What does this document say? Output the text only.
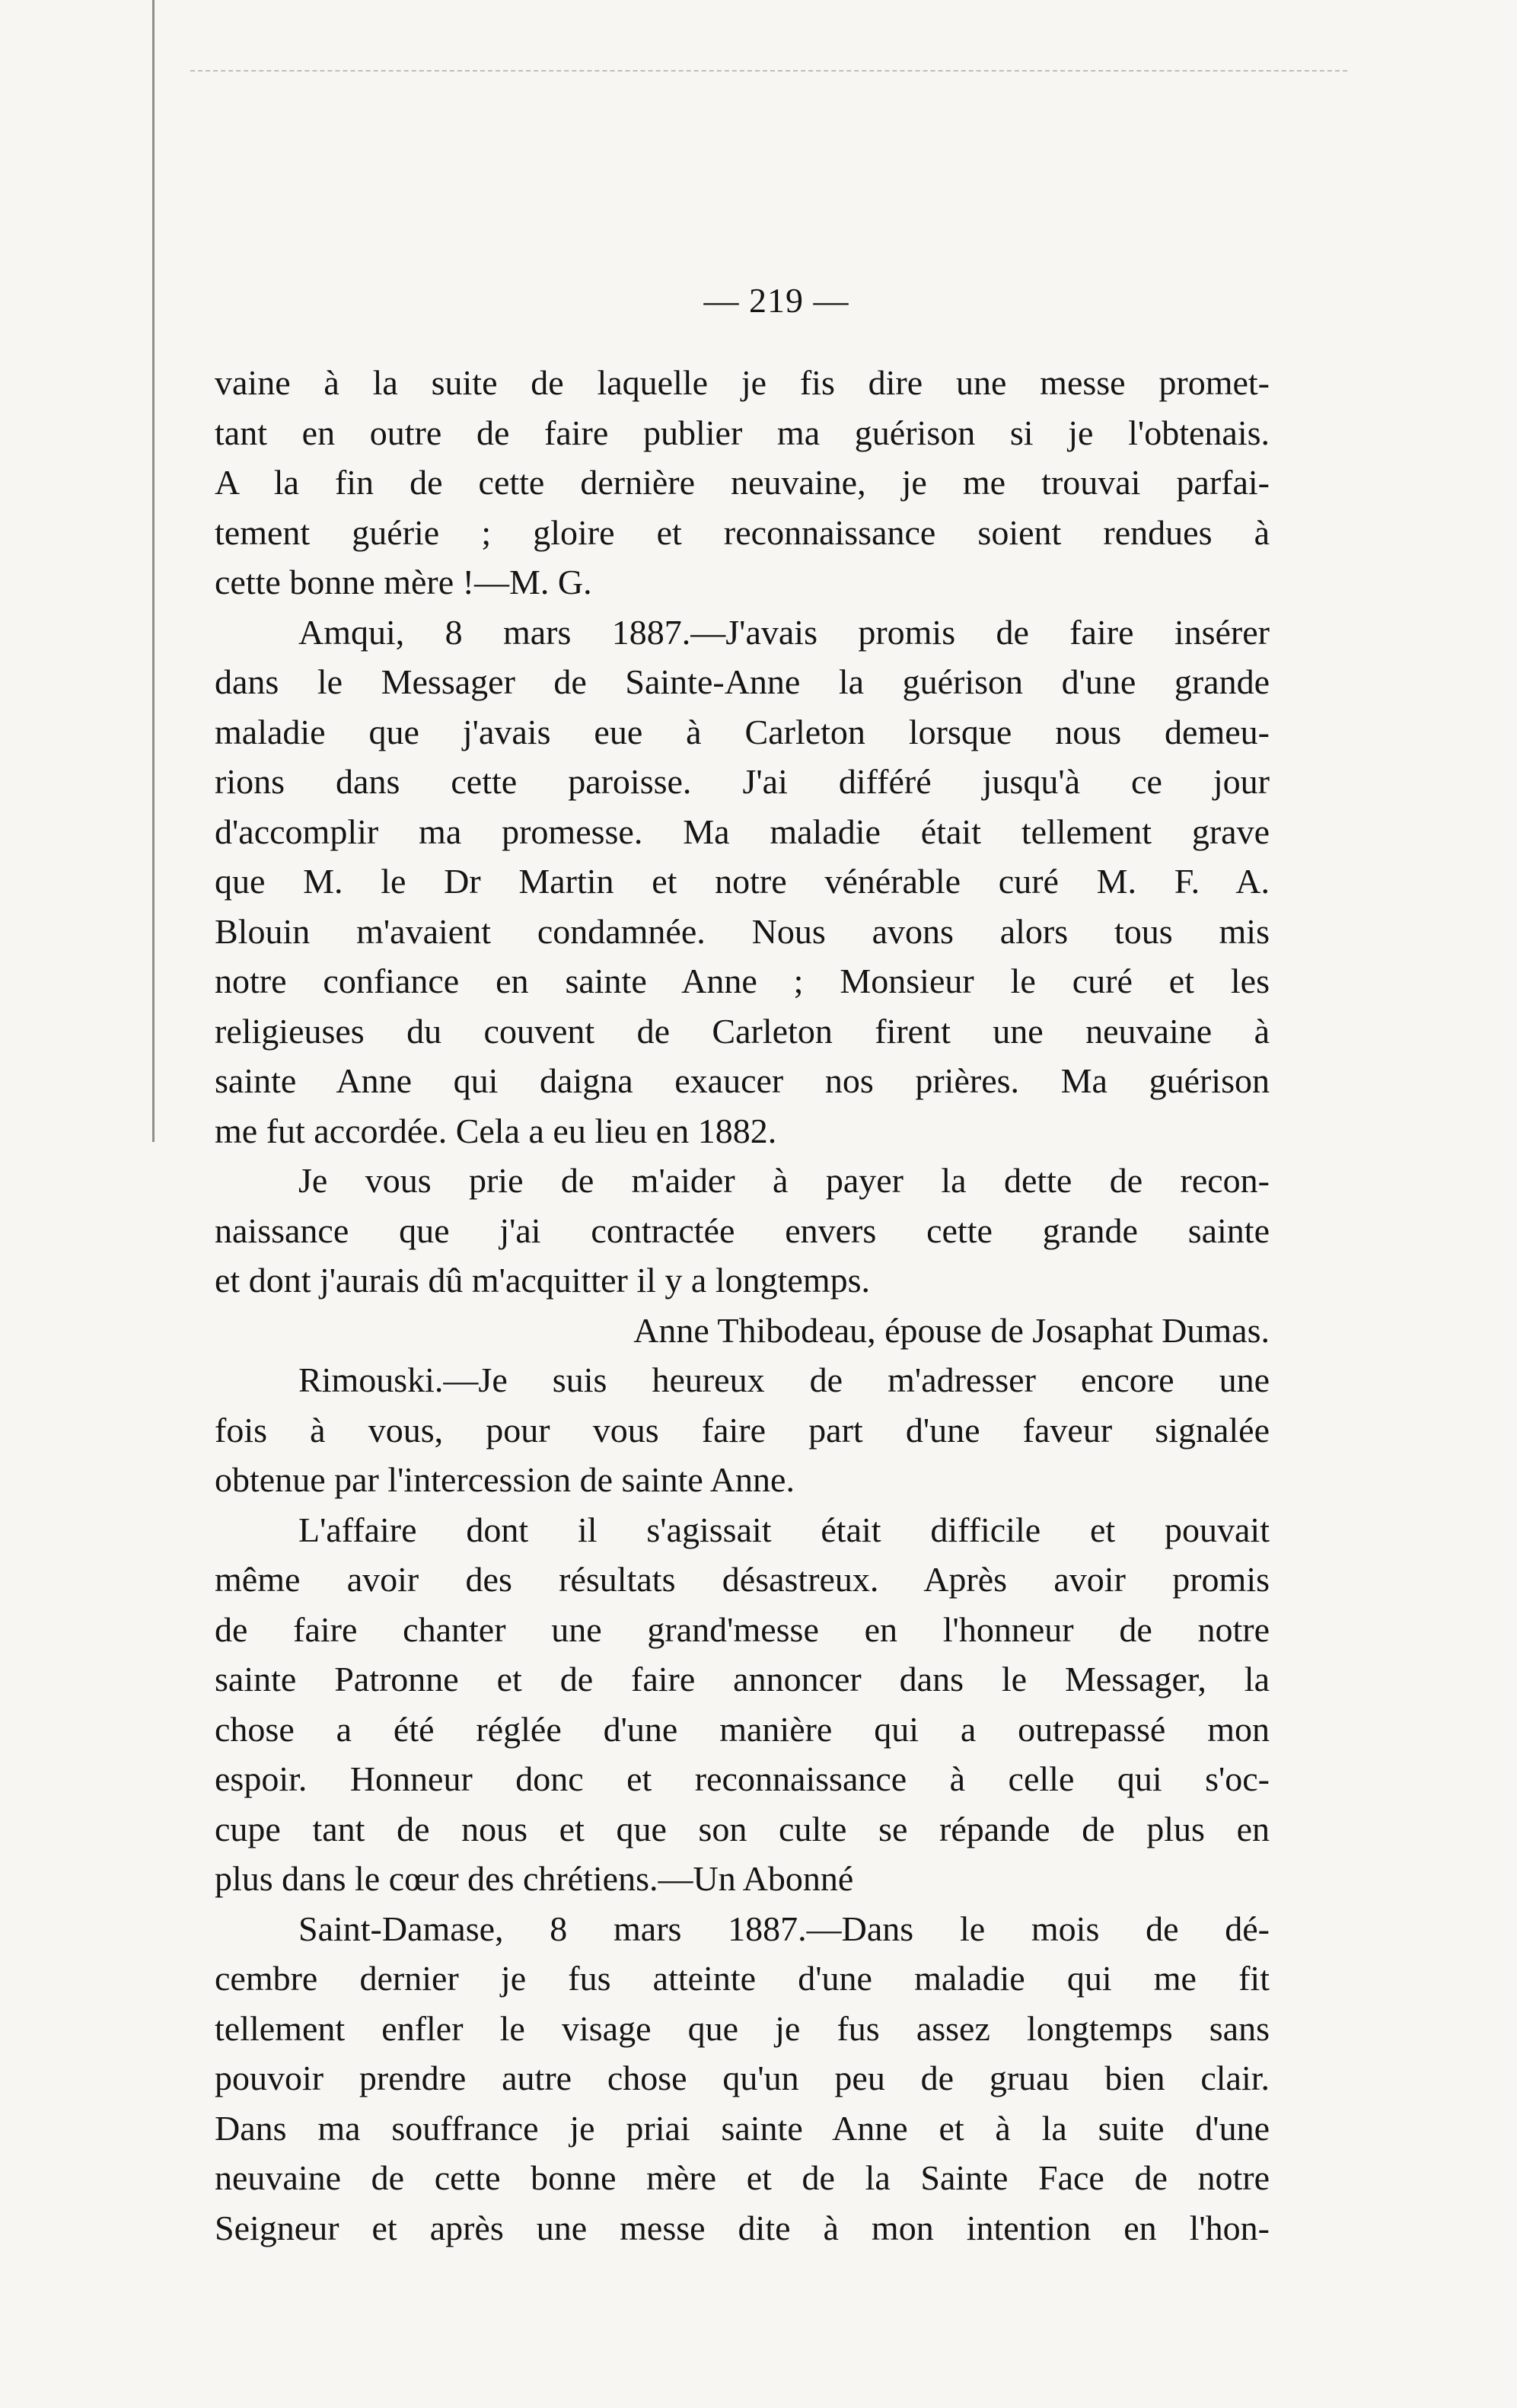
— 219 —
vaine à la suite de laquelle je fis dire une messe promet-
tant en outre de faire publier ma guérison si je l'obtenais.
A la fin de cette dernière neuvaine, je me trouvai parfai-
tement guérie ; gloire et reconnaissance soient rendues à
cette bonne mère !—M. G.
Amqui, 8 mars 1887.—J'avais promis de faire insérer
dans le Messager de Sainte-Anne la guérison d'une grande
maladie que j'avais eue à Carleton lorsque nous demeu-
rions dans cette paroisse. J'ai différé jusqu'à ce jour
d'accomplir ma promesse. Ma maladie était tellement grave
que M. le Dr Martin et notre vénérable curé M. F. A.
Blouin m'avaient condamnée. Nous avons alors tous mis
notre confiance en sainte Anne ; Monsieur le curé et les
religieuses du couvent de Carleton firent une neuvaine à
sainte Anne qui daigna exaucer nos prières. Ma guérison
me fut accordée. Cela a eu lieu en 1882.
Je vous prie de m'aider à payer la dette de recon-
naissance que j'ai contractée envers cette grande sainte
et dont j'aurais dû m'acquitter il y a longtemps.
Anne Thibodeau, épouse de Josaphat Dumas.
Rimouski.—Je suis heureux de m'adresser encore une
fois à vous, pour vous faire part d'une faveur signalée
obtenue par l'intercession de sainte Anne.
L'affaire dont il s'agissait était difficile et pouvait
même avoir des résultats désastreux. Après avoir promis
de faire chanter une grand'messe en l'honneur de notre
sainte Patronne et de faire annoncer dans le Messager, la
chose a été réglée d'une manière qui a outrepassé mon
espoir. Honneur donc et reconnaissance à celle qui s'oc-
cupe tant de nous et que son culte se répande de plus en
plus dans le cœur des chrétiens.—Un Abonné
Saint-Damase, 8 mars 1887.—Dans le mois de dé-
cembre dernier je fus atteinte d'une maladie qui me fit
tellement enfler le visage que je fus assez longtemps sans
pouvoir prendre autre chose qu'un peu de gruau bien clair.
Dans ma souffrance je priai sainte Anne et à la suite d'une
neuvaine de cette bonne mère et de la Sainte Face de notre
Seigneur et après une messe dite à mon intention en l'hon-
